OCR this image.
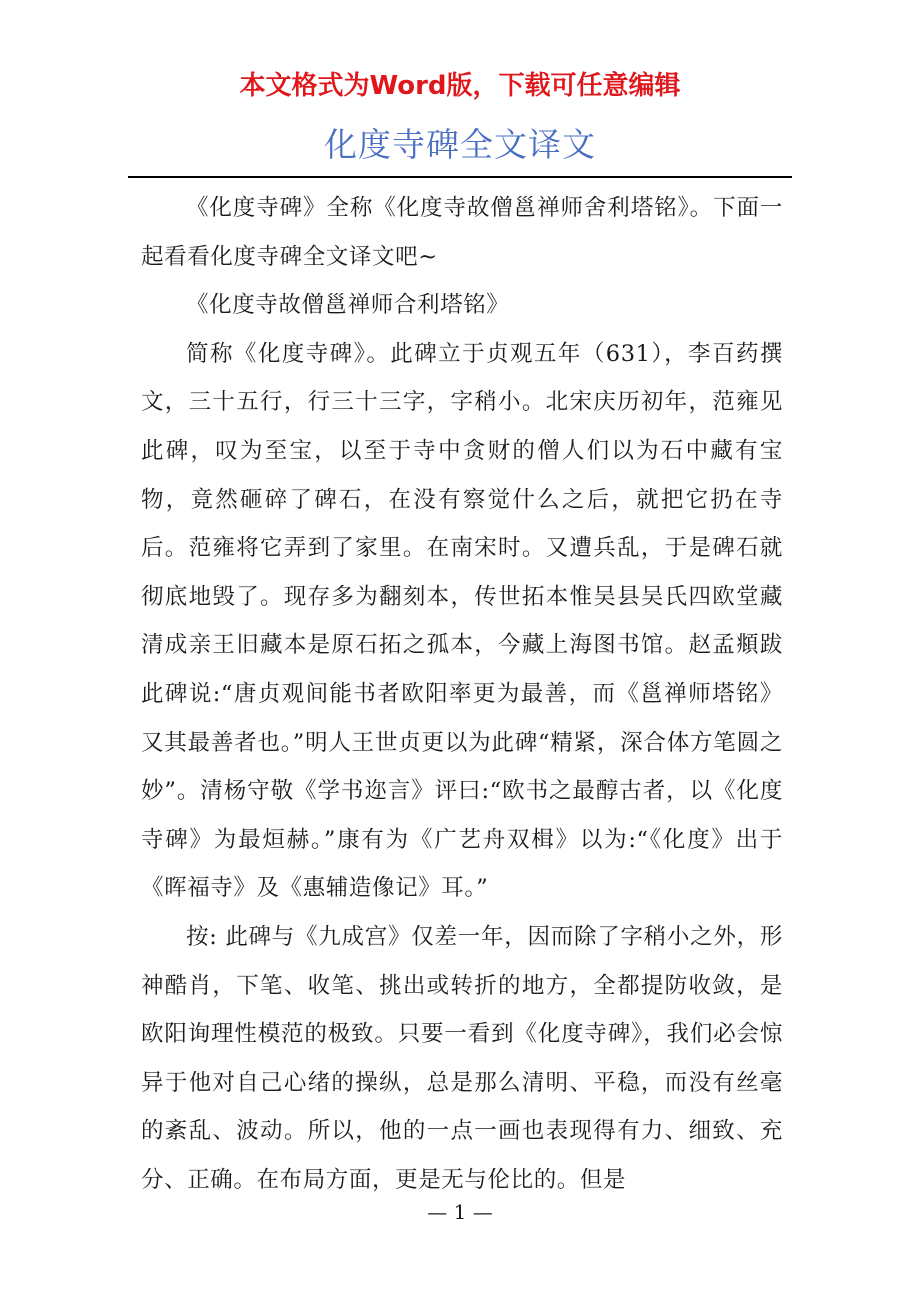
本文格式为Word版，下载可任意编辑
化度寺碑全文译文

《化度寺碑》全称《化度寺故僧邕禅师舍利塔铭》。下面一起看看化度寺碑全文译文吧~

《化度寺故僧邕禅师合利塔铭》

简称《化度寺碑》。此碑立于贞观五年（631），李百药撰文，三十五行，行三十三字，字稍小。北宋庆历初年，范雍见此碑，叹为至宝，以至于寺中贪财的僧人们以为石中藏有宝物，竟然砸碎了碑石，在没有察觉什么之后，就把它扔在寺后。范雍将它弄到了家里。在南宋时。又遭兵乱，于是碑石就彻底地毁了。现存多为翻刻本，传世拓本惟吴县吴氏四欧堂藏清成亲王旧藏本是原石拓之孤本，今藏上海图书馆。赵孟頫跋此碑说:“唐贞观间能书者欧阳率更为最善，而《邕禅师塔铭》又其最善者也。”明人王世贞更以为此碑“精紧，深合体方笔圆之妙”。清杨守敬《学书迩言》评曰:“欧书之最醇古者，以《化度寺碑》为最烜赫。”康有为《广艺舟双楫》以为:“《化度》出于《晖福寺》及《惠辅造像记》耳。”

按: 此碑与《九成宫》仅差一年，因而除了字稍小之外，形神酷肖，下笔、收笔、挑出或转折的地方，全都提防收敛，是欧阳询理性模范的极致。只要一看到《化度寺碑》，我们必会惊异于他对自己心绪的操纵，总是那么清明、平稳，而没有丝毫的紊乱、波动。所以，他的一点一画也表现得有力、细致、充分、正确。在布局方面，更是无与伦比的。但是

— 1 —
